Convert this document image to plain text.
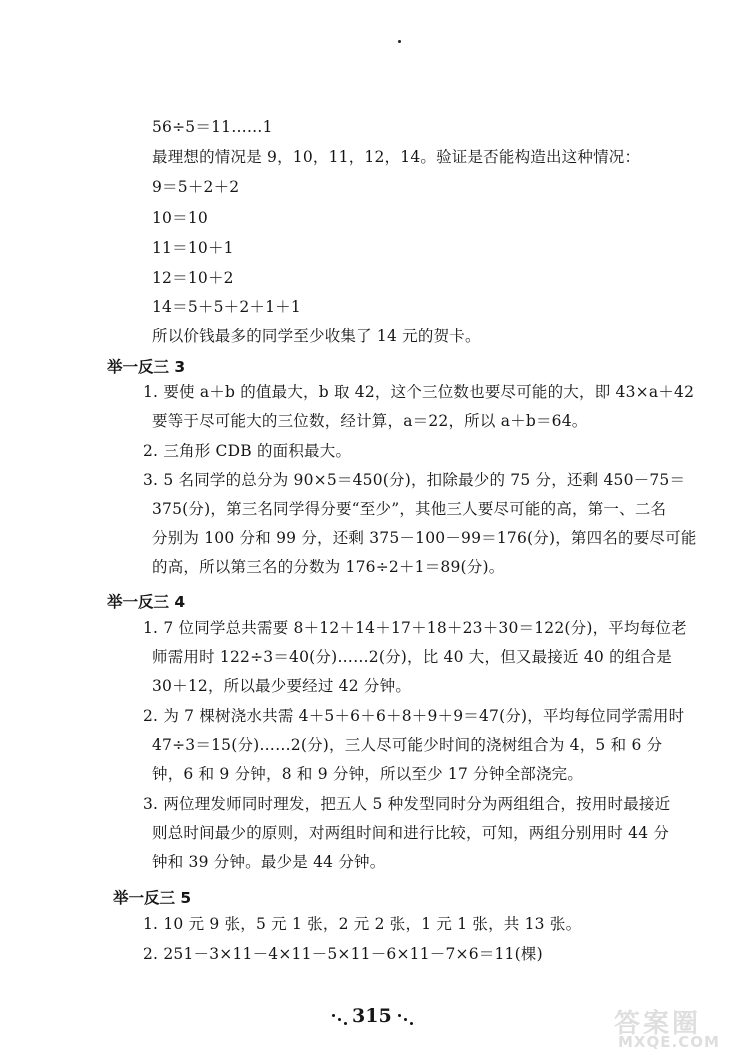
56÷5＝11……1
最理想的情况是 9，10，11，12，14。验证是否能构造出这种情况：
9＝5＋2＋2
10＝10
11＝10＋1
12＝10＋2
14＝5＋5＋2＋1＋1
所以价钱最多的同学至少收集了 14 元的贺卡。
举一反三 3
1. 要使 a＋b 的值最大，b 取 42，这个三位数也要尽可能的大，即 43×a＋42
要等于尽可能大的三位数，经计算，a＝22，所以 a＋b＝64。
2. 三角形 CDB 的面积最大。
3. 5 名同学的总分为 90×5＝450(分)，扣除最少的 75 分，还剩 450－75＝
375(分)，第三名同学得分要“至少”，其他三人要尽可能的高，第一、二名
分别为 100 分和 99 分，还剩 375－100－99＝176(分)，第四名的要尽可能
的高，所以第三名的分数为 176÷2＋1＝89(分)。
举一反三 4
1. 7 位同学总共需要 8＋12＋14＋17＋18＋23＋30＝122(分)，平均每位老
师需用时 122÷3＝40(分)……2(分)，比 40 大，但又最接近 40 的组合是
30＋12，所以最少要经过 42 分钟。
2. 为 7 棵树浇水共需 4＋5＋6＋6＋8＋9＋9＝47(分)，平均每位同学需用时
47÷3＝15(分)……2(分)，三人尽可能少时间的浇树组合为 4，5 和 6 分
钟，6 和 9 分钟，8 和 9 分钟，所以至少 17 分钟全部浇完。
3. 两位理发师同时理发，把五人 5 种发型同时分为两组组合，按用时最接近
则总时间最少的原则，对两组时间和进行比较，可知，两组分别用时 44 分
钟和 39 分钟。最少是 44 分钟。
举一反三 5
1. 10 元 9 张，5 元 1 张，2 元 2 张，1 元 1 张，共 13 张。
2. 251－3×11－4×11－5×11－6×11－7×6＝11(棵)
315	答案圈
MXQE.COM
